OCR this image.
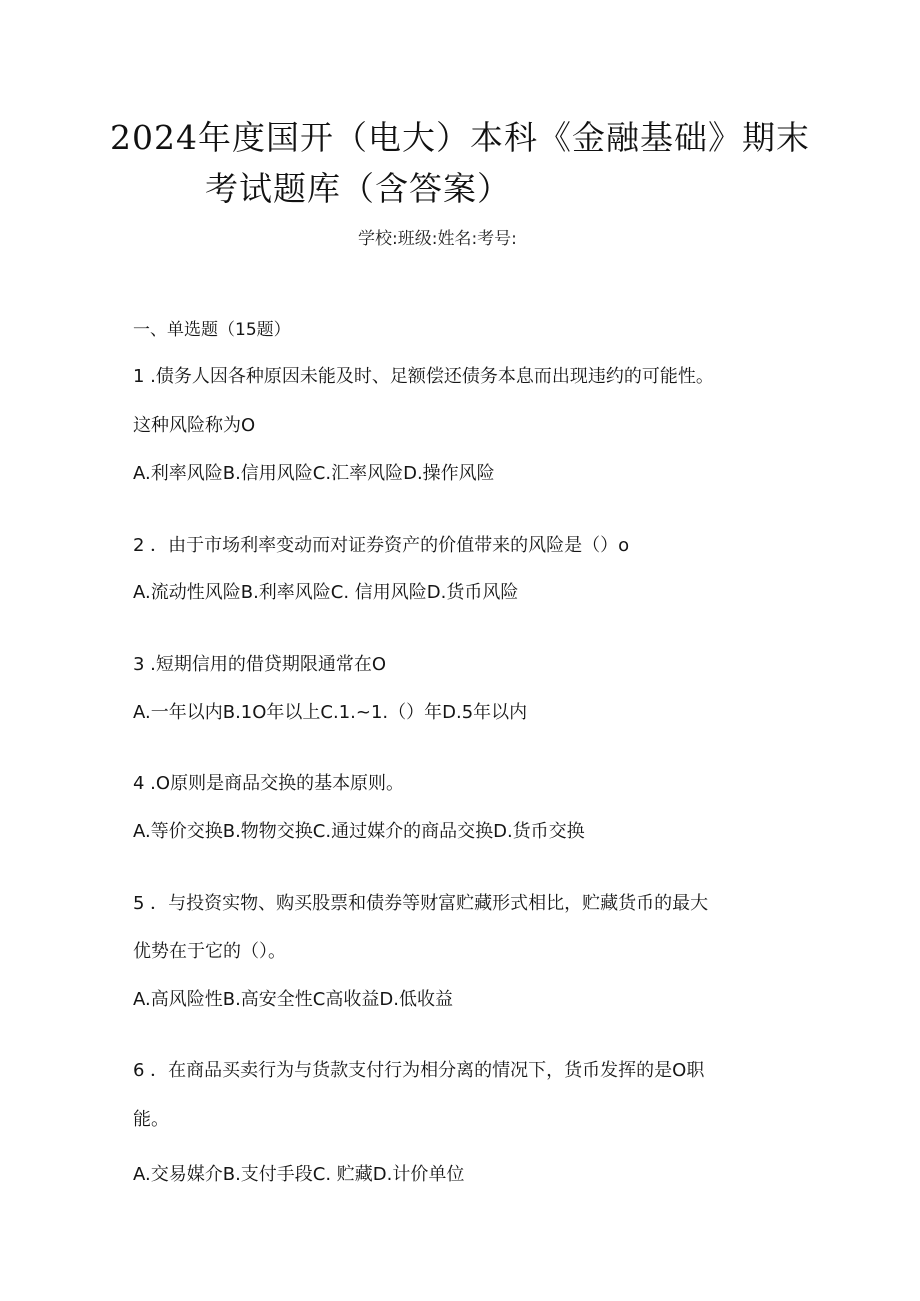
2024年度国开（电大）本科《金融基础》期末
考试题库（含答案）
学校:班级:姓名:考号:
一、单选题（15题）
1 .债务人因各种原因未能及时、足额偿还债务本息而出现违约的可能性。
这种风险称为O
A.利率风险B.信用风险C.汇率风险D.操作风险
2 ．由于市场利率变动而对证券资产的价值带来的风险是（）o
A.流动性风险B.利率风险C. 信用风险D.货币风险
3 .短期信用的借贷期限通常在O
A.一年以内B.1O年以上C.1.~1.（）年D.5年以内
4 .O原则是商品交换的基本原则。
A.等价交换B.物物交换C.通过媒介的商品交换D.货币交换
5 ．与投资实物、购买股票和债券等财富贮藏形式相比，贮藏货币的最大
优势在于它的（）。
A.高风险性B.高安全性C高收益D.低收益
6 ．在商品买卖行为与货款支付行为相分离的情况下，货币发挥的是O职
能。
A.交易媒介B.支付手段C. 贮藏D.计价单位
